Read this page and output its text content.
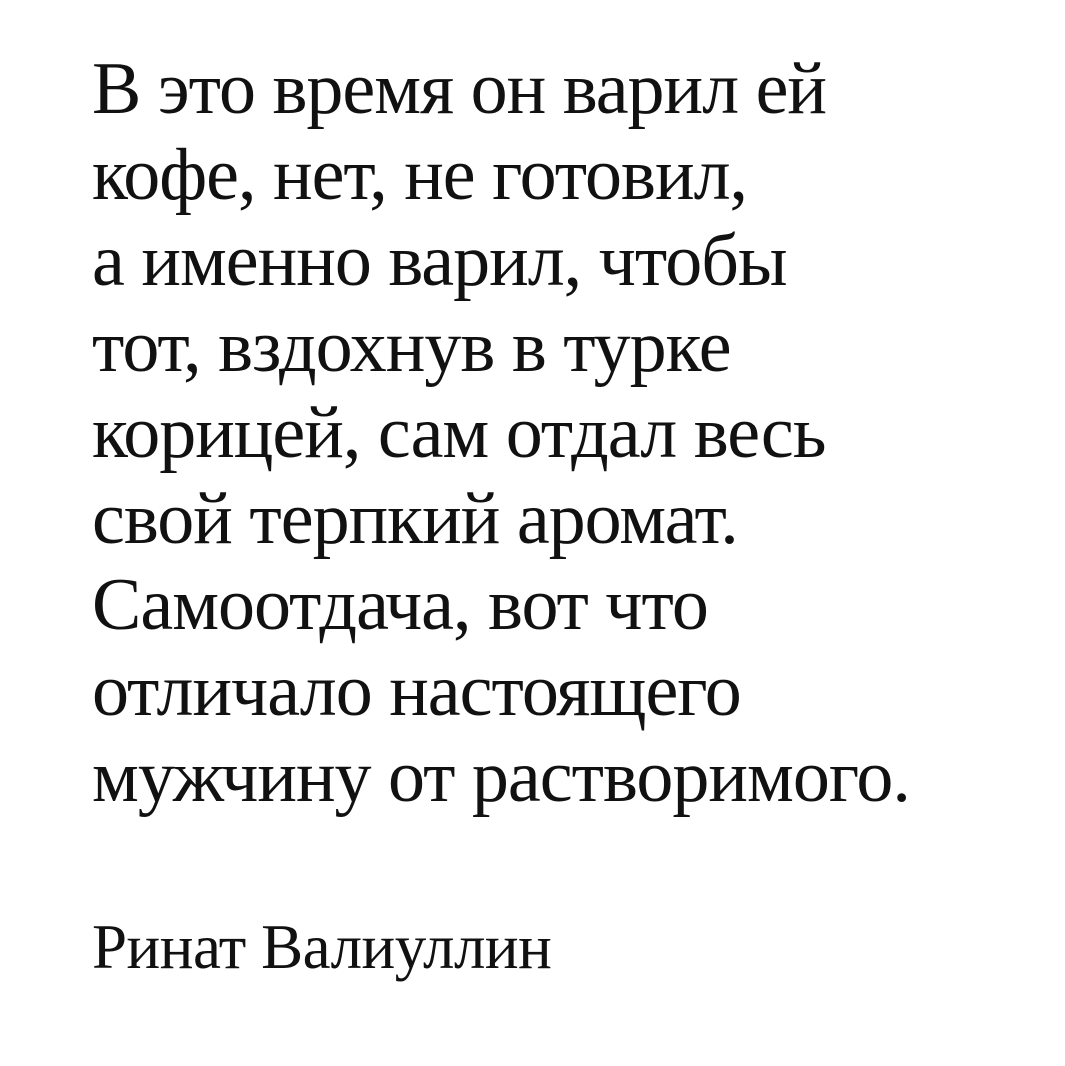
В это время он варил ей
кофе, нет, не готовил,
а именно варил, чтобы
тот, вздохнув в турке
корицей, сам отдал весь
свой терпкий аромат.
Самоотдача, вот что
отличало настоящего
мужчину от растворимого.
Ринат Валиуллин
